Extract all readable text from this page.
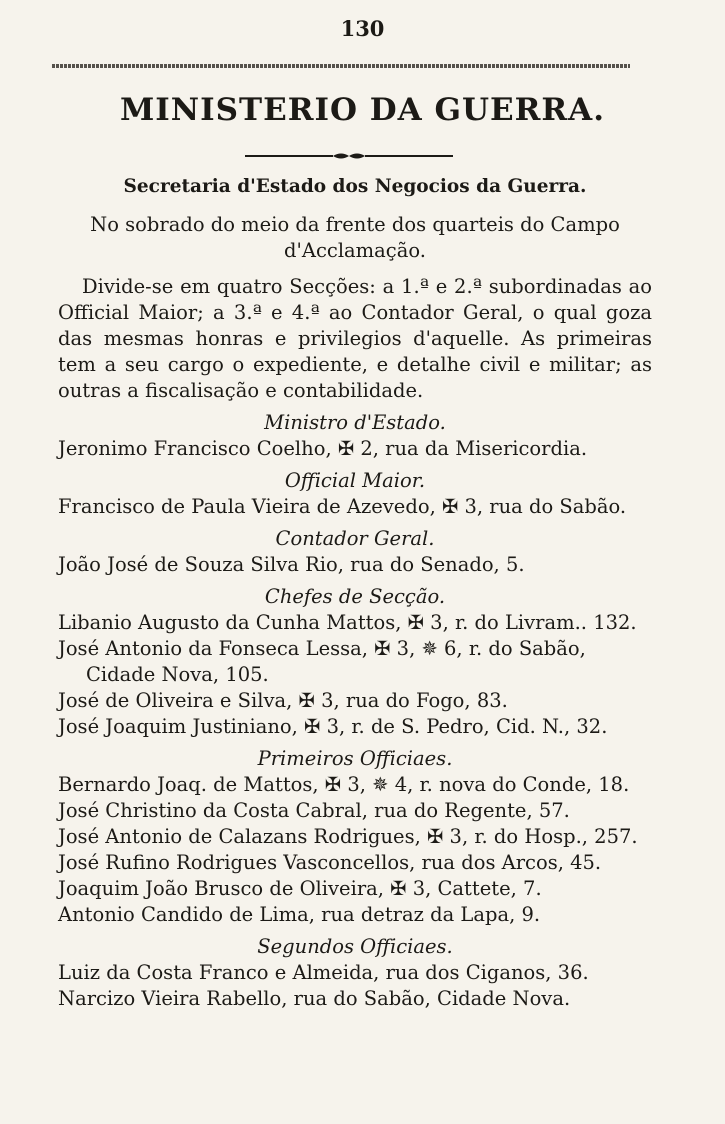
130
MINISTERIO DA GUERRA.
Secretaria d'Estado dos Negocios da Guerra.
No sobrado do meio da frente dos quarteis do Campo
d'Acclamação.
Divide-se em quatro Secções: a 1.ª e 2.ª subordinadas ao Official Maior; a 3.ª e 4.ª ao Contador Geral, o qual goza das mesmas honras e privilegios d'aquelle. As primeiras tem a seu cargo o expediente, e detalhe civil e militar; as outras a fiscalisação e contabilidade.
Ministro d'Estado.
Jeronimo Francisco Coelho, ✠ 2, rua da Misericordia.
Official Maior.
Francisco de Paula Vieira de Azevedo, ✠ 3, rua do Sabão.
Contador Geral.
João José de Souza Silva Rio, rua do Senado, 5.
Chefes de Secção.
Libanio Augusto da Cunha Mattos, ✠ 3, r. do Livram.. 132.
José Antonio da Fonseca Lessa, ✠ 3, ✵ 6, r. do Sabão,
Cidade Nova, 105.
José de Oliveira e Silva, ✠ 3, rua do Fogo, 83.
José Joaquim Justiniano, ✠ 3, r. de S. Pedro, Cid. N., 32.
Primeiros Officiaes.
Bernardo Joaq. de Mattos, ✠ 3, ✵ 4, r. nova do Conde, 18.
José Christino da Costa Cabral, rua do Regente, 57.
José Antonio de Calazans Rodrigues, ✠ 3, r. do Hosp., 257.
José Rufino Rodrigues Vasconcellos, rua dos Arcos, 45.
Joaquim João Brusco de Oliveira, ✠ 3, Cattete, 7.
Antonio Candido de Lima, rua detraz da Lapa, 9.
Segundos Officiaes.
Luiz da Costa Franco e Almeida, rua dos Ciganos, 36.
Narcizo Vieira Rabello, rua do Sabão, Cidade Nova.
